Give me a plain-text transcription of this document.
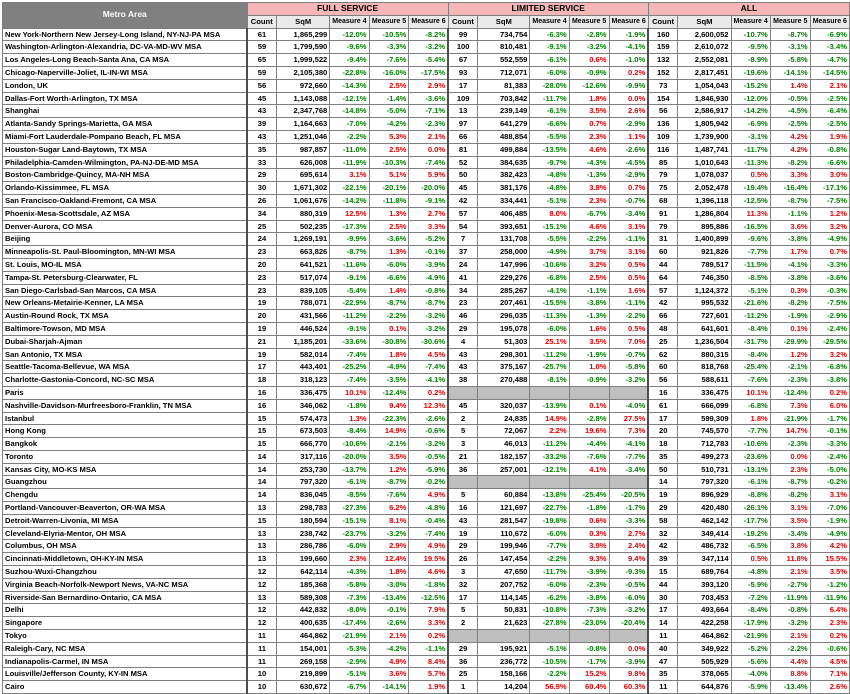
Metro Area	FULL SERVICE					LIMITED SERVICE					ALL				
	Count	SqM	Measure 4	Measure 5	Measure 6	Count	SqM	Measure 4	Measure 5	Measure 6	Count	SqM	Measure 4	Measure 5	Measure 6
New York-Northern New Jersey-Long Island, NY-NJ-PA MSA	61	1,865,299	-12.0%	-10.5%	-8.2%	99	734,754	-6.3%	-2.8%	-1.9%	160	2,600,052	-10.7%	-8.7%	-6.9%
Washington-Arlington-Alexandria, DC-VA-MD-WV MSA	59	1,799,590	-9.6%	-3.3%	-3.2%	100	810,481	-9.1%	-3.2%	-4.1%	159	2,610,072	-9.5%	-3.1%	-3.4%
Los Angeles-Long Beach-Santa Ana, CA MSA	65	1,999,522	-9.4%	-7.6%	-5.4%	67	552,559	-6.1%	0.6%	-1.0%	132	2,552,081	-8.9%	-5.8%	-4.7%
Chicago-Naperville-Joliet, IL-IN-WI MSA	59	2,105,380	-22.8%	-16.0%	-17.5%	93	712,071	-6.0%	-0.9%	0.2%	152	2,817,451	-19.6%	-14.1%	-14.5%
London, UK	56	972,660	-14.3%	2.5%	2.9%	17	81,383	-28.0%	-12.6%	-9.9%	73	1,054,043	-15.2%	1.4%	2.1%
Dallas-Fort Worth-Arlington, TX MSA	45	1,143,088	-12.1%	-1.4%	-3.6%	109	703,842	-11.7%	1.8%	0.0%	154	1,846,930	-12.0%	-0.5%	-2.5%
Shanghai	43	2,347,768	-14.8%	-5.0%	-7.1%	13	239,149	-6.1%	3.5%	2.6%	56	2,586,917	-14.2%	-4.5%	-6.4%
Atlanta-Sandy Springs-Marietta, GA MSA	39	1,164,663	-7.0%	-4.2%	-2.3%	97	641,279	-6.6%	0.7%	-2.9%	136	1,805,942	-6.9%	-2.5%	-2.5%
Miami-Fort Lauderdale-Pompano Beach, FL MSA	43	1,251,046	-2.2%	5.3%	2.1%	66	488,854	-5.5%	2.3%	1.1%	109	1,739,900	-3.1%	4.2%	1.9%
Houston-Sugar Land-Baytown, TX MSA	35	987,857	-11.0%	2.5%	0.0%	81	499,884	-13.5%	4.6%	-2.6%	116	1,487,741	-11.7%	4.2%	-0.8%
Philadelphia-Camden-Wilmington, PA-NJ-DE-MD MSA	33	626,008	-11.9%	-10.3%	-7.4%	52	384,635	-9.7%	-4.3%	-4.5%	85	1,010,643	-11.3%	-8.2%	-6.6%
Boston-Cambridge-Quincy, MA-NH MSA	29	695,614	3.1%	5.1%	5.9%	50	382,423	-4.8%	-1.3%	-2.9%	79	1,078,037	0.5%	3.3%	3.0%
Orlando-Kissimmee, FL MSA	30	1,671,302	-22.1%	-20.1%	-20.0%	45	381,176	-4.8%	3.8%	0.7%	75	2,052,478	-19.4%	-16.4%	-17.1%
San Francisco-Oakland-Fremont, CA MSA	26	1,061,676	-14.2%	-11.8%	-9.1%	42	334,441	-5.1%	2.3%	-0.7%	68	1,396,118	-12.5%	-8.7%	-7.5%
Phoenix-Mesa-Scottsdale, AZ MSA	34	880,319	12.5%	1.3%	2.7%	57	406,485	8.0%	-6.7%	-3.4%	91	1,286,804	11.3%	-1.1%	1.2%
Denver-Aurora, CO MSA	25	502,235	-17.3%	2.5%	3.3%	54	393,651	-15.1%	4.6%	3.1%	79	895,886	-16.5%	3.6%	3.2%
Beijing	24	1,269,191	-9.9%	-3.6%	-5.2%	7	131,708	-5.5%	-2.2%	-1.1%	31	1,400,899	-9.6%	-3.8%	-4.9%
Minneapolis-St. Paul-Bloomington, MN-WI MSA	23	663,826	-8.7%	1.3%	-0.1%	37	258,000	-4.9%	3.7%	3.1%	60	921,826	-7.7%	1.7%	0.7%
St. Louis, MO-IL MSA	20	641,521	-11.6%	-6.0%	-3.9%	24	147,996	-10.6%	3.2%	0.5%	44	789,517	-11.5%	-4.1%	-3.3%
Tampa-St. Petersburg-Clearwater, FL	23	517,074	-9.1%	-6.6%	-4.9%	41	229,276	-6.8%	2.5%	0.5%	64	746,350	-8.5%	-3.8%	-3.6%
San Diego-Carlsbad-San Marcos, CA MSA	23	839,105	-5.4%	1.4%	-0.8%	34	285,267	-4.1%	-1.1%	1.6%	57	1,124,372	-5.1%	0.3%	-0.3%
New Orleans-Metairie-Kenner, LA MSA	19	788,071	-22.9%	-8.7%	-8.7%	23	207,461	-15.5%	-3.8%	-1.1%	42	995,532	-21.6%	-8.2%	-7.5%
Austin-Round Rock, TX MSA	20	431,566	-11.2%	-2.2%	-3.2%	46	296,035	-11.3%	-1.3%	-2.2%	66	727,601	-11.2%	-1.9%	-2.9%
Baltimore-Towson, MD MSA	19	446,524	-9.1%	0.1%	-3.2%	29	195,078	-6.0%	1.6%	0.5%	48	641,601	-8.4%	0.1%	-2.4%
Dubai-Sharjah-Ajman	21	1,185,201	-33.6%	-30.8%	-30.6%	4	51,303	25.1%	3.5%	7.0%	25	1,236,504	-31.7%	-29.9%	-29.5%
San Antonio, TX MSA	19	582,014	-7.4%	1.8%	4.5%	43	298,301	-11.2%	-1.9%	-0.7%	62	880,315	-8.4%	1.2%	3.2%
Seattle-Tacoma-Bellevue, WA MSA	17	443,401	-25.2%	-4.9%	-7.4%	43	375,167	-25.7%	1.0%	-5.8%	60	818,768	-25.4%	-2.1%	-6.8%
Charlotte-Gastonia-Concord, NC-SC MSA	18	318,123	-7.4%	-3.5%	-4.1%	38	270,488	-8.1%	-0.9%	-3.2%	56	588,611	-7.6%	-2.3%	-3.8%
Paris	16	336,475	10.1%	-12.4%	0.2%						16	336,475	10.1%	-12.4%	0.2%
Nashville-Davidson-Murfreesboro-Franklin, TN MSA	16	346,062	-1.8%	9.4%	12.3%	45	320,037	-13.9%	0.1%	-4.0%	61	666,099	-6.8%	7.3%	6.0%
Istanbul	15	574,473	1.3%	-22.3%	-2.6%	2	24,835	14.9%	-2.8%	27.5%	17	599,309	1.8%	-21.9%	-1.7%
Hong Kong	15	673,503	-8.4%	14.9%	-0.6%	5	72,067	2.2%	19.6%	7.3%	20	745,570	-7.7%	14.7%	-0.1%
Bangkok	15	666,770	-10.6%	-2.1%	-3.2%	3	46,013	-11.2%	-4.4%	-4.1%	18	712,783	-10.6%	-2.3%	-3.3%
Toronto	14	317,116	-20.0%	3.5%	-0.5%	21	182,157	-33.2%	-7.6%	-7.7%	35	499,273	-23.6%	0.0%	-2.4%
Kansas City, MO-KS MSA	14	253,730	-13.7%	1.2%	-5.9%	36	257,001	-12.1%	4.1%	-3.4%	50	510,731	-13.1%	2.3%	-5.0%
Guangzhou	14	797,320	-6.1%	-8.7%	-0.2%						14	797,320	-6.1%	-8.7%	-0.2%
Chengdu	14	836,045	-8.5%	-7.6%	4.9%	5	60,884	-13.8%	-25.4%	-20.5%	19	896,929	-8.8%	-8.2%	3.1%
Portland-Vancouver-Beaverton, OR-WA MSA	13	298,783	-27.3%	6.2%	-4.8%	16	121,697	-22.7%	-1.8%	-1.7%	29	420,480	-26.1%	3.1%	-7.0%
Detroit-Warren-Livonia, MI MSA	15	180,594	-15.1%	8.1%	-0.4%	43	281,547	-19.8%	0.6%	-3.3%	58	462,142	-17.7%	3.5%	-1.9%
Cleveland-Elyria-Mentor, OH MSA	13	238,742	-23.7%	-3.2%	-7.4%	19	110,672	-6.0%	0.3%	2.7%	32	349,414	-19.2%	-3.4%	-4.9%
Columbus, OH MSA	13	286,786	-6.0%	2.9%	4.9%	29	199,946	-7.7%	3.9%	2.4%	42	486,732	-6.5%	3.8%	4.2%
Cincinnati-Middletown, OH-KY-IN MSA	13	199,660	2.3%	12.4%	19.5%	26	147,454	-2.2%	9.3%	9.4%	39	347,114	0.5%	11.8%	15.5%
Suzhou-Wuxi-Changzhou	12	642,114	-4.3%	1.8%	4.6%	3	47,650	-11.7%	-3.9%	-9.3%	15	689,764	-4.8%	2.1%	3.5%
Virginia Beach-Norfolk-Newport News, VA-NC MSA	12	185,368	-5.8%	-3.0%	-1.8%	32	207,752	-6.0%	-2.3%	-0.5%	44	393,120	-5.9%	-2.7%	-1.2%
Riverside-San Bernardino-Ontario, CA MSA	13	589,308	-7.3%	-13.4%	-12.5%	17	114,145	-6.2%	-3.8%	-6.0%	30	703,453	-7.2%	-11.9%	-11.9%
Delhi	12	442,832	-8.0%	-0.1%	7.9%	5	50,831	-10.8%	-7.3%	-3.2%	17	493,664	-8.4%	-0.8%	6.4%
Singapore	12	400,635	-17.4%	-2.6%	3.3%	2	21,623	-27.8%	-23.0%	-20.4%	14	422,258	-17.9%	-3.2%	2.3%
Tokyo	11	464,862	-21.9%	2.1%	0.2%						11	464,862	-21.9%	2.1%	0.2%
Raleigh-Cary, NC MSA	11	154,001	-5.3%	-4.2%	-1.1%	29	195,921	-5.1%	-0.8%	0.0%	40	349,922	-5.2%	-2.2%	-0.6%
Indianapolis-Carmel, IN MSA	11	269,158	-2.9%	4.9%	8.4%	36	236,772	-10.5%	-1.7%	-3.9%	47	505,929	-5.6%	4.4%	4.5%
Louisville/Jefferson County, KY-IN MSA	10	219,899	-5.1%	3.6%	5.7%	25	158,166	-2.2%	15.2%	9.8%	35	378,065	-4.0%	8.8%	7.1%
Cairo	10	630,672	-6.7%	-14.1%	1.9%	1	14,204	56.9%	60.4%	60.3%	11	644,876	-5.9%	-13.4%	2.6%
